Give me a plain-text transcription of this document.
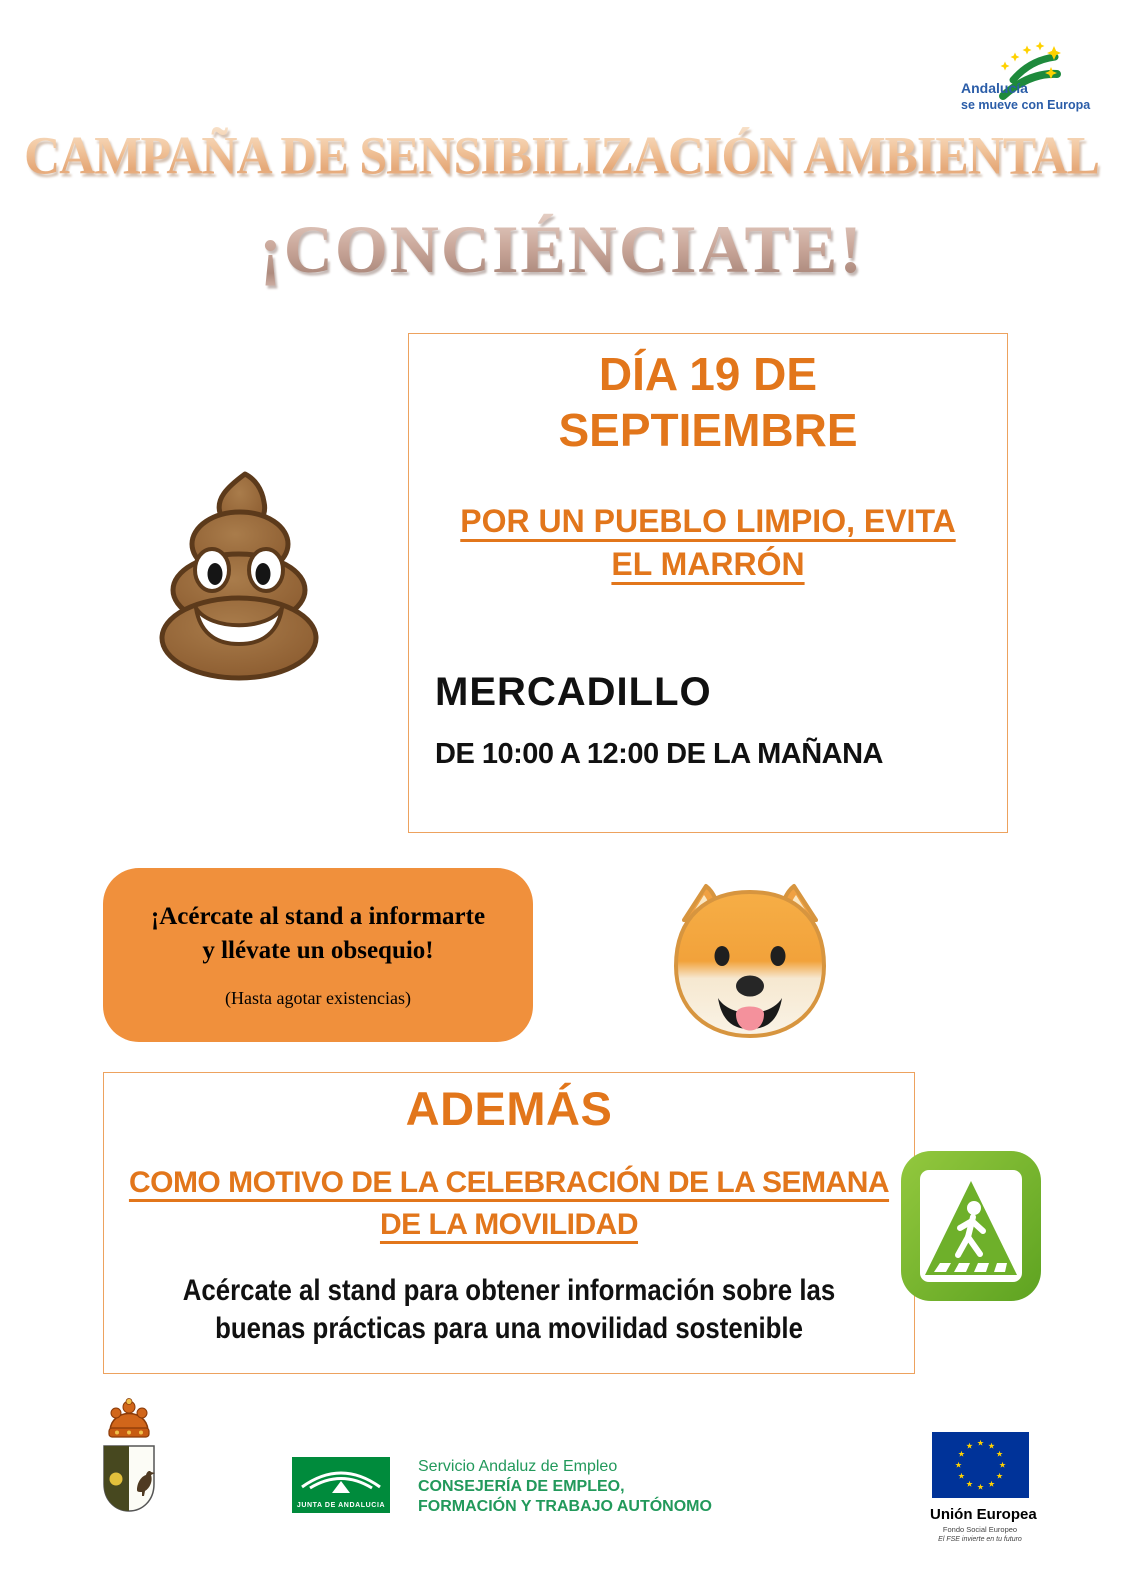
Andalucía
se mueve con Europa
CAMPAÑA DE SENSIBILIZACIÓN AMBIENTAL
¡CONCIÉNCIATE!
DÍA 19 DE
SEPTIEMBRE
POR UN PUEBLO LIMPIO, EVITA
EL MARRÓN
MERCADILLO
DE 10:00 A 12:00 DE LA MAÑANA
¡Acércate al stand a informarte
y llévate un obsequio!
(Hasta agotar existencias)
ADEMÁS
COMO MOTIVO DE LA CELEBRACIÓN DE LA SEMANA
DE LA MOVILIDAD
Acércate al stand para obtener información sobre las
buenas prácticas para una movilidad sostenible
JUNTA DE ANDALUCIA
Servicio Andaluz de Empleo
CONSEJERÍA DE EMPLEO,
FORMACIÓN Y TRABAJO AUTÓNOMO	Unión Europea
Fondo Social Europeo
El FSE invierte en tu futuro
